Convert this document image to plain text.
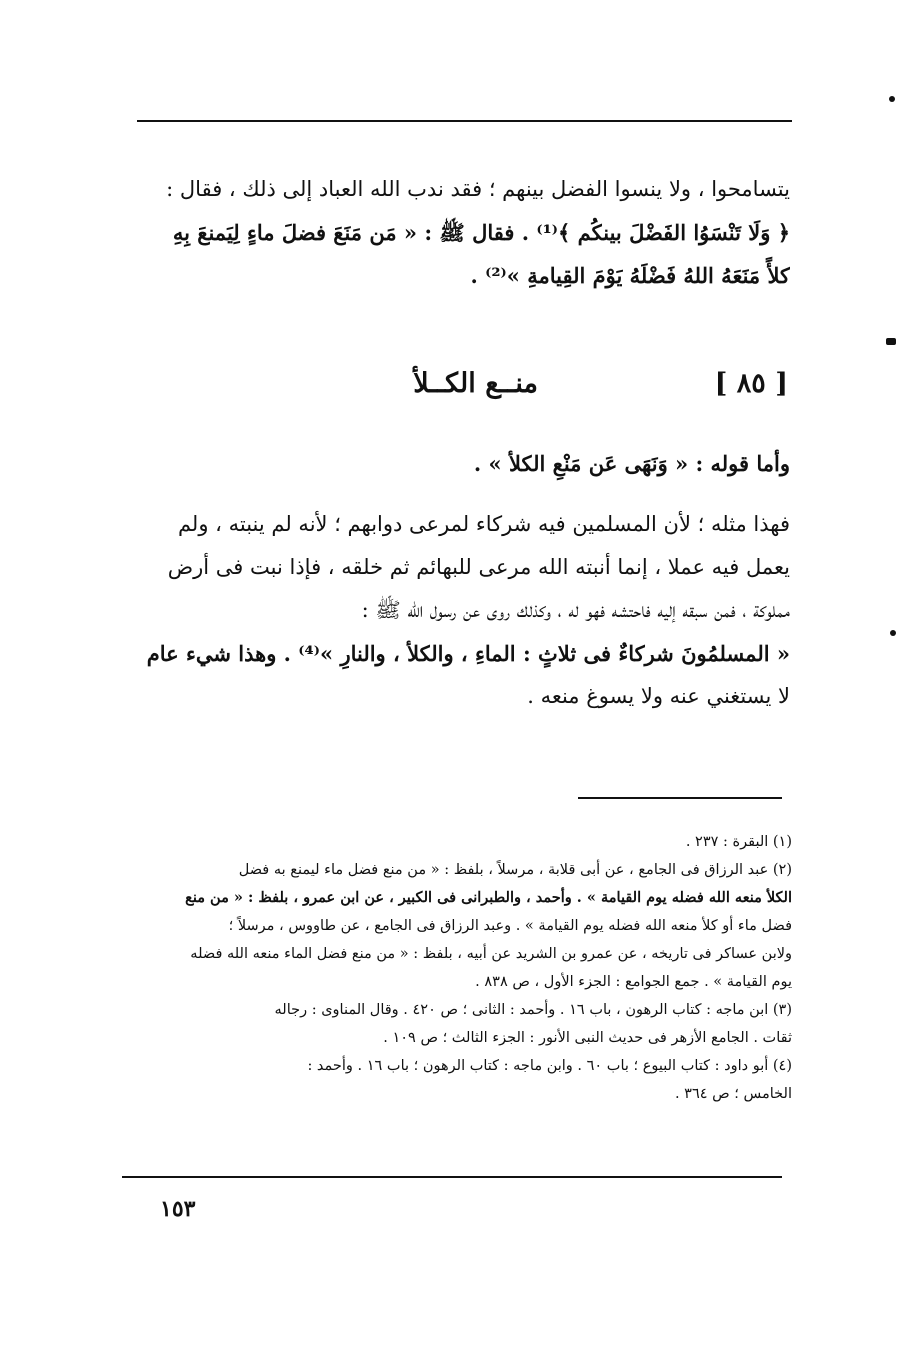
يتسامحوا ، ولا ينسوا الفضل بينهم ؛ فقد ندب الله العباد إلى ذلك ، فقال :
﴿ وَلَا تَنْسَوُا الفَضْلَ بينكُم ﴾⁽¹⁾ . فقال ﷺ : « مَن مَنَعَ فضلَ ماءٍ لِيَمنعَ بِهِ
كلأً مَنَعَهُ اللهُ فَضْلَهُ يَوْمَ القِيامةِ »⁽²⁾ .
[ ٨٥ ]
منــع الكــلأ
وأما قوله : « وَنَهَى عَن مَنْعِ الكلأ » .
فهذا مثله ؛ لأن المسلمين فيه شركاء لمرعى دوابهم ؛ لأنه لم ينبته ، ولم
يعمل فيه عملا ، إنما أنبته الله مرعى للبهائم ثم خلقه ، فإذا نبت فى أرض
مملوكة ، فمن سبقه إليه فاحتشه فهو له ، وكذلك روى عن رسول الله ﷺ :
« المسلمُونَ شركاءٌ فى ثلاثٍ : الماءِ ، والكلأ ، والنارِ »⁽⁴⁾ . وهذا شيء عام
لا يستغني عنه ولا يسوغ منعه .
(١) البقرة : ٢٣٧ .
(٢) عبد الرزاق فى الجامع ، عن أبى قلابة ، مرسلاً ، بلفظ : « من منع فضل ماء ليمنع به فضل
الكلأ منعه الله فضله يوم القيامة » . وأحمد ، والطبرانى فى الكبير ، عن ابن عمرو ، بلفظ : « من منع
فضل ماء أو كلأ منعه الله فضله يوم القيامة » . وعبد الرزاق فى الجامع ، عن طاووس ، مرسلاً ؛
ولابن عساكر فى تاريخه ، عن عمرو بن الشريد عن أبيه ، بلفظ : « من منع فضل الماء منعه الله فضله
يوم القيامة » . جمع الجوامع : الجزء الأول ، ص ٨٣٨ .
(٣) ابن ماجه : كتاب الرهون ، باب ١٦ . وأحمد : الثانى ؛ ص ٤٢٠ . وقال المناوى : رجاله
ثقات . الجامع الأزهر فى حديث النبى الأنور : الجزء الثالث ؛ ص ١٠٩ .
(٤) أبو داود : كتاب البيوع ؛ باب ٦٠ . وابن ماجه : كتاب الرهون ؛ باب ١٦ . وأحمد :
الخامس ؛ ص ٣٦٤ .
١٥٣
